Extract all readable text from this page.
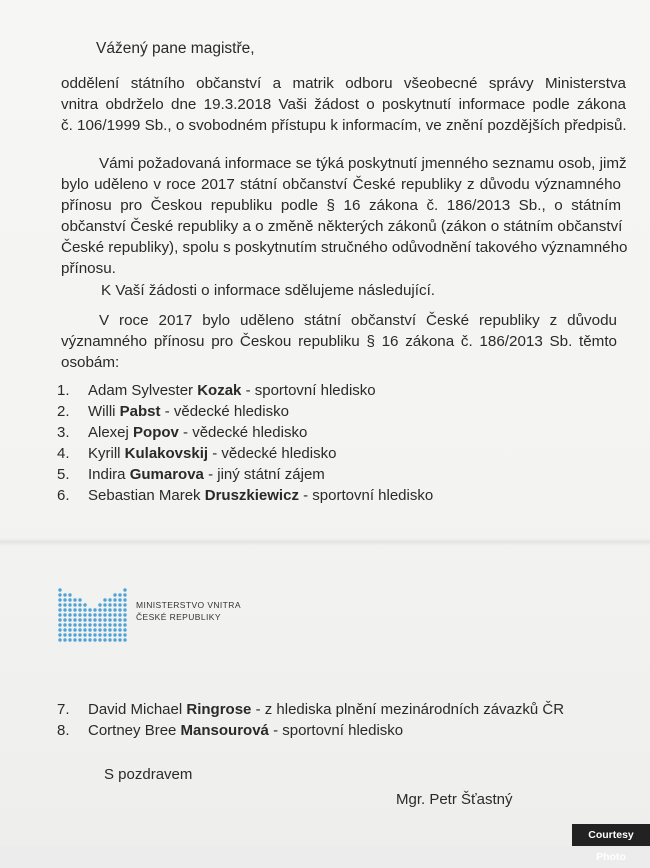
Vážený pane magistře,

oddělení státního občanství a matrik odboru všeobecné správy Ministerstva
vnitra obdrželo dne 19.3.2018 Vaši žádost o poskytnutí informace podle zákona
č. 106/1999 Sb., o svobodném přístupu k informacím, ve znění pozdějších předpisů.

Vámi požadovaná informace se týká poskytnutí jmenného seznamu osob, jimž
bylo uděleno v roce 2017 státní občanství České republiky z důvodu významného
přínosu pro Českou republiku podle § 16 zákona č. 186/2013 Sb., o státním
občanství České republiky a o změně některých zákonů (zákon o státním občanství
České republiky), spolu s poskytnutím stručného odůvodnění takového významného
přínosu.

K Vaší žádosti o informace sdělujeme následující.

V roce 2017 bylo uděleno státní občanství České republiky z důvodu
významného přínosu pro Českou republiku § 16 zákona č. 186/2013 Sb. těmto
osobám:

1.	Adam Sylvester
Kozak
- sportovní hledisko
2.	Willi
Pabst
- vědecké hledisko
3.	Alexej
Popov
- vědecké hledisko
4.	Kyrill
Kulakovskij
- vědecké hledisko
5.	Indira
Gumarova
- jiný státní zájem
6.	Sebastian Marek
Druszkiewicz
- sportovní hledisko
MINISTERSTVO VNITRA
ČESKÉ REPUBLIKY
7.	David Michael
Ringrose
- z hlediska plnění mezinárodních závazků ČR
8.	Cortney Bree
Mansourová
- sportovní hledisko
S pozdravem
Mgr. Petr Šťastný
Courtesy Photo
